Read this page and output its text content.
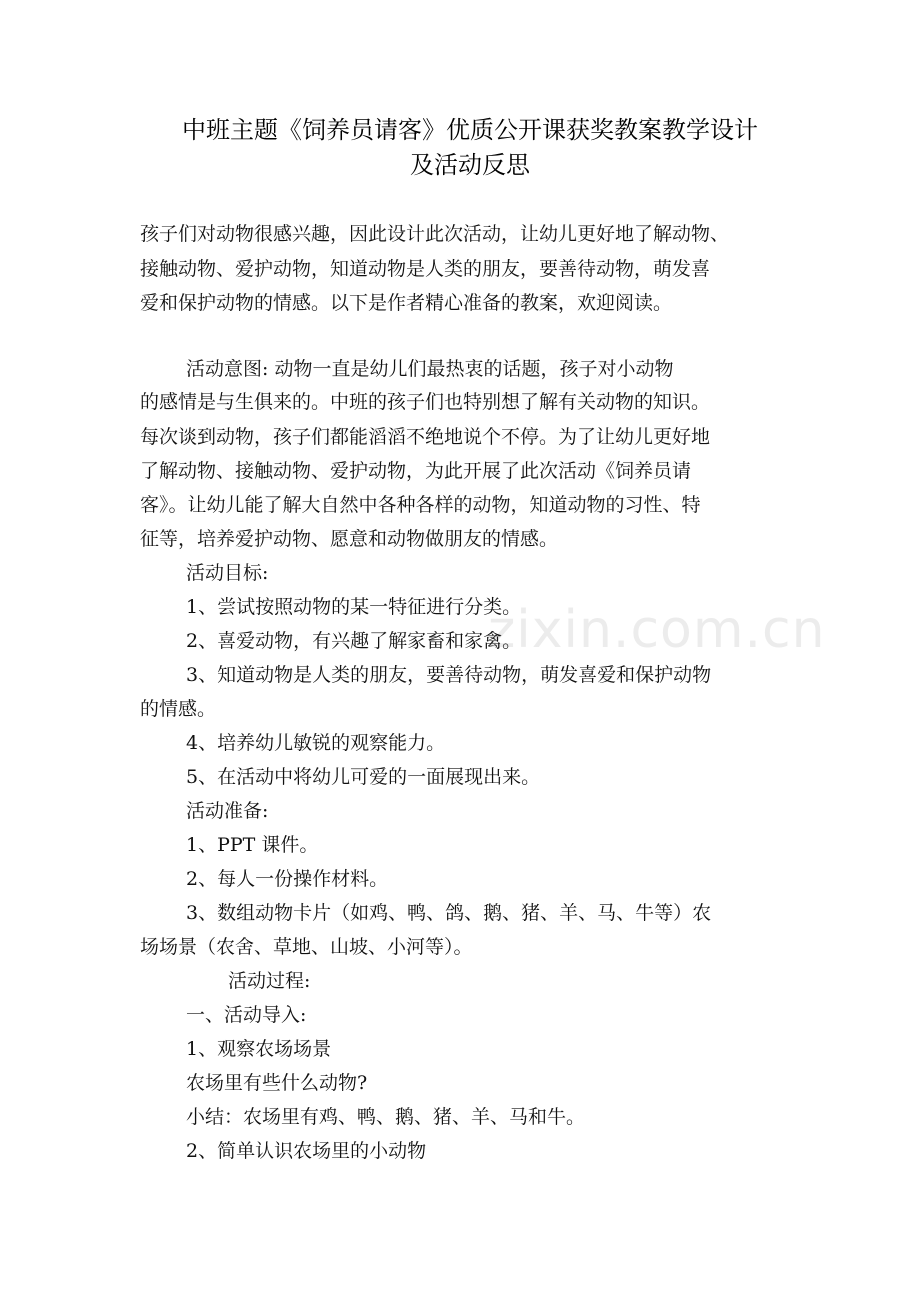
zixin.com.cn
中班主题《饲养员请客》优质公开课获奖教案教学设计
及活动反思
孩子们对动物很感兴趣，因此设计此次活动，让幼儿更好地了解动物、
接触动物、爱护动物，知道动物是人类的朋友，要善待动物，萌发喜
爱和保护动物的情感。以下是作者精心准备的教案，欢迎阅读。
活动意图: 动物一直是幼儿们最热衷的话题，孩子对小动物
的感情是与生俱来的。中班的孩子们也特别想了解有关动物的知识。
每次谈到动物，孩子们都能滔滔不绝地说个不停。为了让幼儿更好地
了解动物、接触动物、爱护动物，为此开展了此次活动《饲养员请
客》。让幼儿能了解大自然中各种各样的动物，知道动物的习性、特
征等，培养爱护动物、愿意和动物做朋友的情感。
活动目标:
1、尝试按照动物的某一特征进行分类。
2、喜爱动物，有兴趣了解家畜和家禽。
3、知道动物是人类的朋友，要善待动物，萌发喜爱和保护动物
的情感。
4、培养幼儿敏锐的观察能力。
5、在活动中将幼儿可爱的一面展现出来。
活动准备:
1、PPT 课件。
2、每人一份操作材料。
3、数组动物卡片（如鸡、鸭、鸽、鹅、猪、羊、马、牛等）农
场场景（农舍、草地、山坡、小河等）。
活动过程:
一、活动导入:
1、观察农场场景
农场里有些什么动物?
小结：农场里有鸡、鸭、鹅、猪、羊、马和牛。
2、简单认识农场里的小动物
